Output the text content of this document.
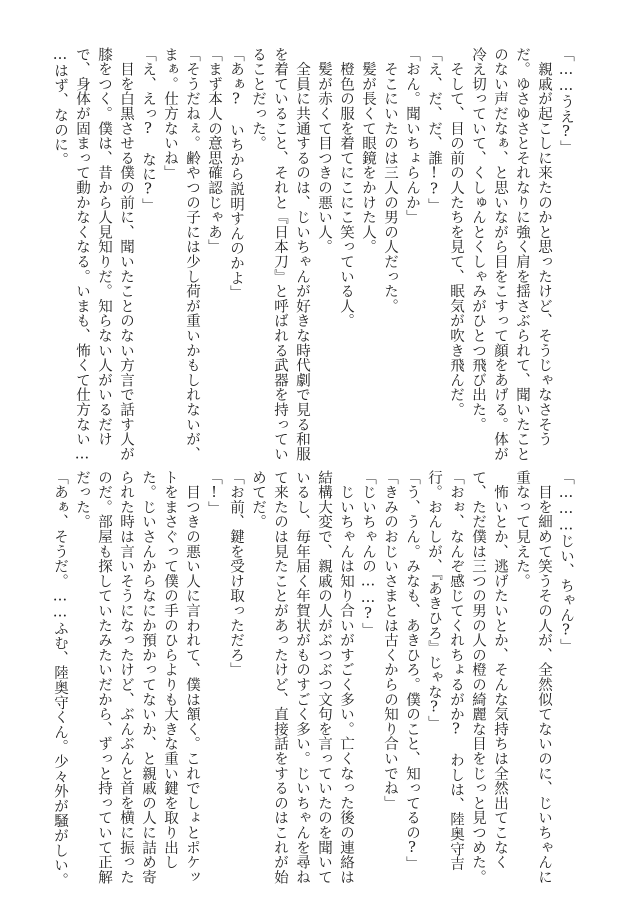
「……うえ?」

　親戚が起こしに来たのかと思ったけど、そうじゃなさそう

だ。ゆさゆさとそれなりに強く肩を揺さぶられて、聞いたこと

のない声だなぁ、と思いながら目をこすって顔をあげる。体が

冷え切っていて、くしゅんとくしゃみがひとつ飛び出た。

　そして、目の前の人たちを見て、眠気が吹き飛んだ。

「え、だ、だ、誰!?」

「おん。聞いちょらんか」

　そこにいたのは三人の男の人だった。

　髪が長くて眼鏡をかけた人。

　橙色の服を着てにこにこ笑っている人。

　髪が赤くて目つきの悪い人。

　全員に共通するのは、じいちゃんが好きな時代劇で見る和服

を着ていること、それと『日本刀』と呼ばれる武器を持ってい

ることだった。

「あぁ?　いちから説明すんのかよ」

「まず本人の意思確認じゃあ」

「そうだねぇ。齢やつの子には少し荷が重いかもしれないが、

まぁ。仕方ないね」

「え、えっ?　なに?」

　目を白黒させる僕の前に、聞いたことのない方言で話す人が

膝をつく。僕は、昔から人見知りだ。知らない人がいるだけ

で、身体が固まって動かなくなる。いまも、怖くて仕方ない…

…はず、なのに。

「………じい、ちゃん?」

　目を細めて笑うその人が、全然似てないのに、じいちゃんに

重なって見えた。

　怖いとか、逃げたいとか、そんな気持ちは全然出てこなく

て、ただ僕は三つの男の人の橙の綺麗な目をじっと見つめた。

「おぉ、なんぞ感じてくれちょるがか?　わしは、陸奥守吉

行。おんしが、『あきひろ』じゃな?」

「う、うん。みなも、あきひろ。僕のこと、知ってるの?」

「きみのおじいさまとは古くからの知り合いでね」

「じいちゃんの……?」

　じいちゃんは知り合いがすごく多い。亡くなった後の連絡は

結構大変で、親戚の人がぶつぶつ文句を言っていたのを聞いて

いるし、毎年届く年賀状がものすごく多い。じいちゃんを尋ね

て来たのは見たことがあったけど、直接話をするのはこれが始

めてだ。

「お前、鍵を受け取っただろ」

「!」

　目つきの悪い人に言われて、僕は頷く。これでしょとポケッ

トをまさぐって僕の手のひらよりも大きな重い鍵を取り出し

た。じいさんからなにか預かってないか、と親戚の人に詰め寄

られた時は言いそうになったけど、ぶんぶんと首を横に振った

のだ。部屋も探していたみたいだから、ずっと持っていて正解

だった。

「あぁ、そうだ。……ふむ、陸奥守くん。少々外が騒がしい。
